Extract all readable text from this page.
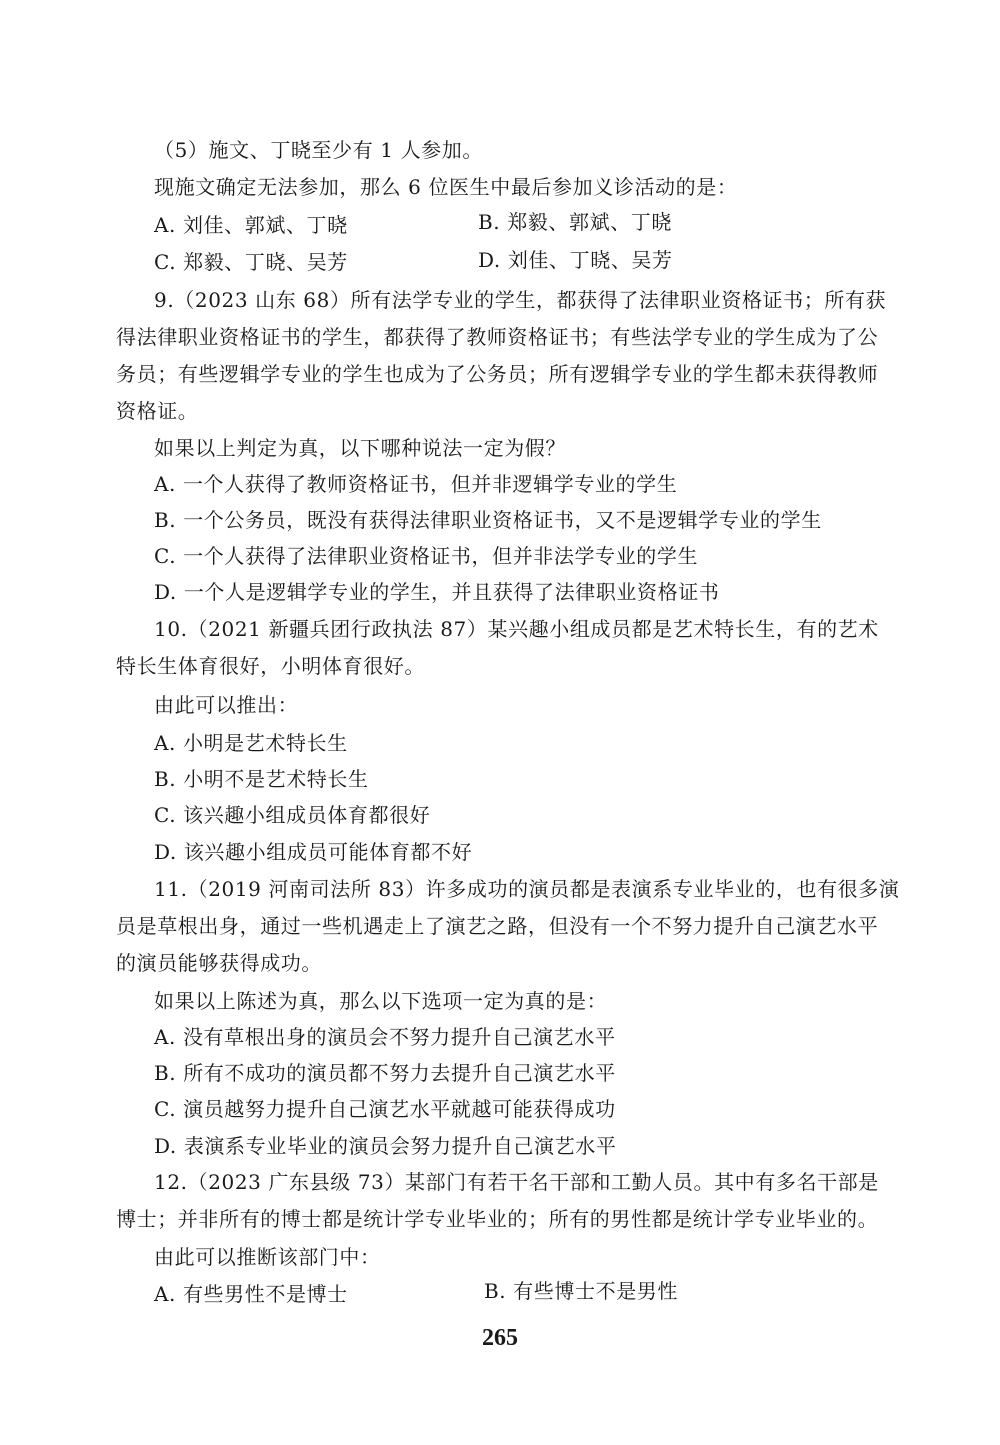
（5）施文、丁晓至少有 1 人参加。
现施文确定无法参加，那么 6 位医生中最后参加义诊活动的是：
A. 刘佳、郭斌、丁晓	B. 郑毅、郭斌、丁晓
C. 郑毅、丁晓、吴芳	D. 刘佳、丁晓、吴芳
9.（2023 山东 68）所有法学专业的学生，都获得了法律职业资格证书；所有获
得法律职业资格证书的学生，都获得了教师资格证书；有些法学专业的学生成为了公
务员；有些逻辑学专业的学生也成为了公务员；所有逻辑学专业的学生都未获得教师
资格证。
如果以上判定为真，以下哪种说法一定为假？
A. 一个人获得了教师资格证书，但并非逻辑学专业的学生
B. 一个公务员，既没有获得法律职业资格证书，又不是逻辑学专业的学生
C. 一个人获得了法律职业资格证书，但并非法学专业的学生
D. 一个人是逻辑学专业的学生，并且获得了法律职业资格证书
10.（2021 新疆兵团行政执法 87）某兴趣小组成员都是艺术特长生，有的艺术
特长生体育很好，小明体育很好。
由此可以推出：
A. 小明是艺术特长生
B. 小明不是艺术特长生
C. 该兴趣小组成员体育都很好
D. 该兴趣小组成员可能体育都不好
11.（2019 河南司法所 83）许多成功的演员都是表演系专业毕业的，也有很多演
员是草根出身，通过一些机遇走上了演艺之路，但没有一个不努力提升自己演艺水平
的演员能够获得成功。
如果以上陈述为真，那么以下选项一定为真的是：
A. 没有草根出身的演员会不努力提升自己演艺水平
B. 所有不成功的演员都不努力去提升自己演艺水平
C. 演员越努力提升自己演艺水平就越可能获得成功
D. 表演系专业毕业的演员会努力提升自己演艺水平
12.（2023 广东县级 73）某部门有若干名干部和工勤人员。其中有多名干部是
博士；并非所有的博士都是统计学专业毕业的；所有的男性都是统计学专业毕业的。
由此可以推断该部门中：
A. 有些男性不是博士	B. 有些博士不是男性
265
